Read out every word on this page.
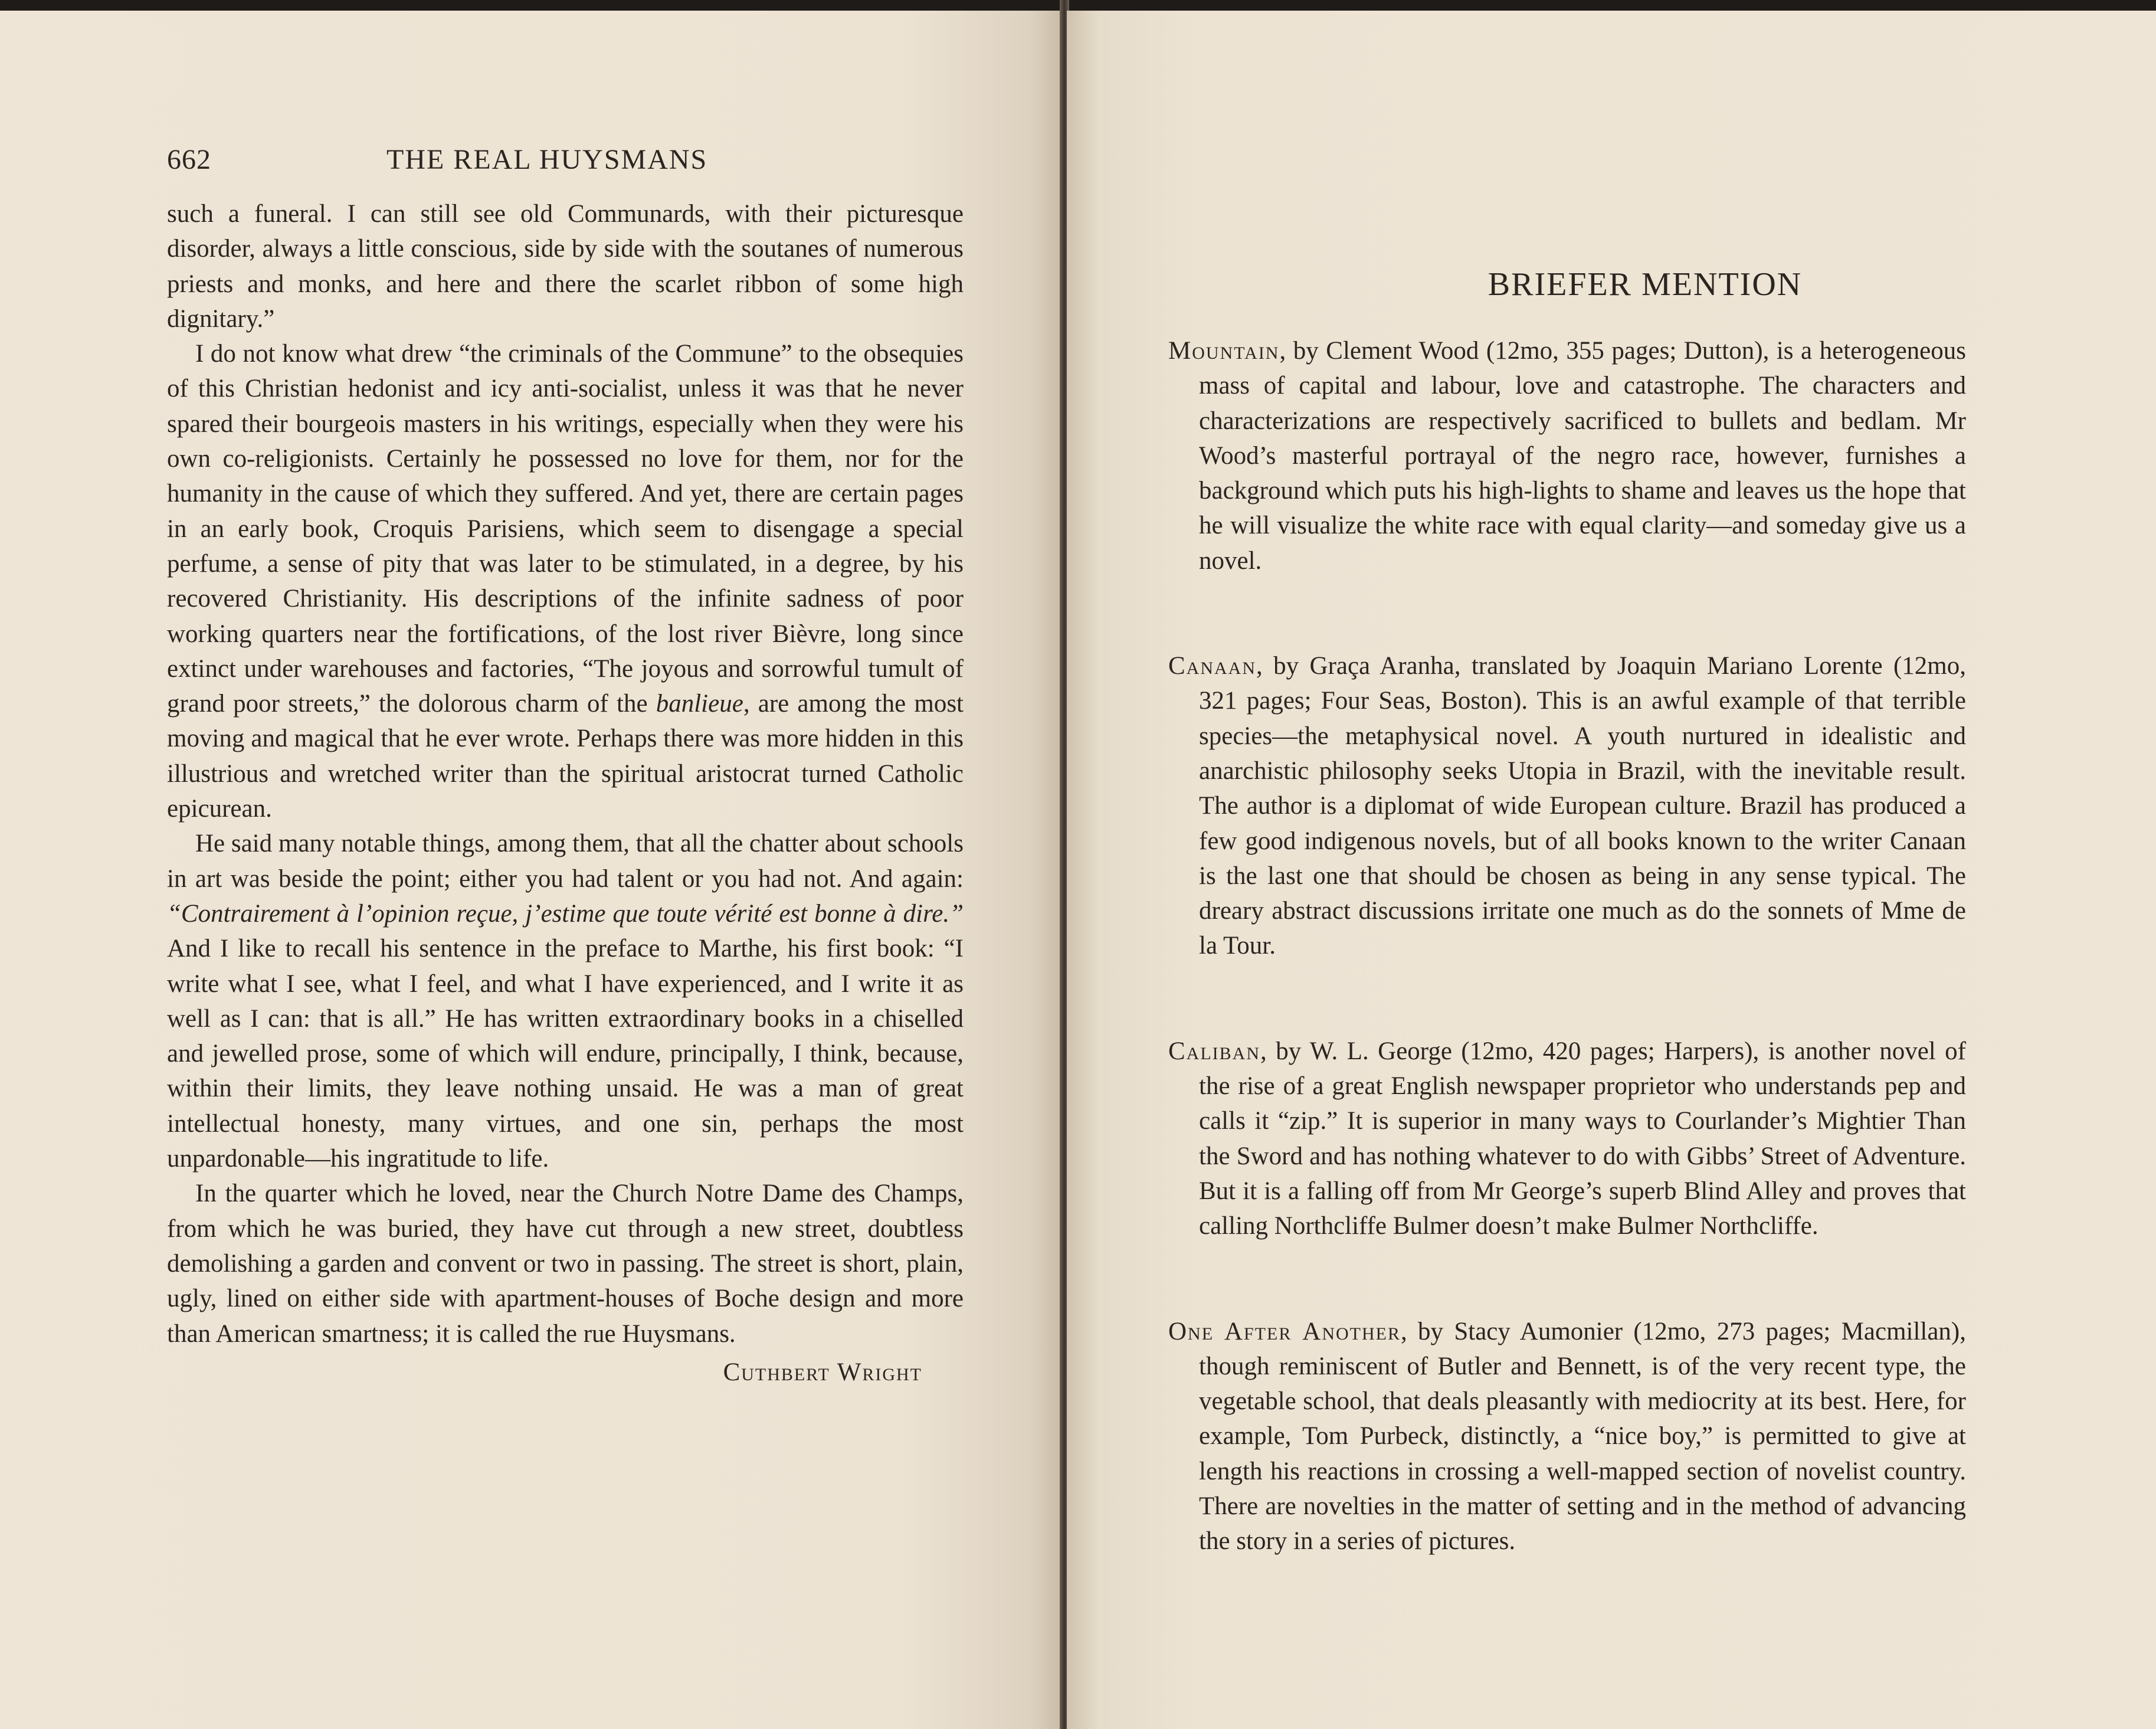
662	THE REAL HUYSMANS

such a funeral. I can still see old Communards, with their picturesque disorder, always a little conscious, side by side with the soutanes of numerous priests and monks, and here and there the scarlet ribbon of some high dignitary.”

I do not know what drew “the criminals of the Commune” to the obsequies of this Christian hedonist and icy anti-socialist, unless it was that he never spared their bourgeois masters in his writings, especially when they were his own co-religionists. Certainly he possessed no love for them, nor for the humanity in the cause of which they suffered. And yet, there are certain pages in an early book, Croquis Parisiens, which seem to disengage a special perfume, a sense of pity that was later to be stimulated, in a degree, by his recovered Christianity. His descriptions of the infinite sadness of poor working quarters near the fortifications, of the lost river Bièvre, long since extinct under warehouses and factories, “The joyous and sorrowful tumult of grand poor streets,” the dolorous charm of the banlieue, are among the most moving and magical that he ever wrote. Perhaps there was more hidden in this illustrious and wretched writer than the spiritual aristocrat turned Catholic epicurean.

He said many notable things, among them, that all the chatter about schools in art was beside the point; either you had talent or you had not. And again: “Contrairement à l’opinion reçue, j’estime que toute vérité est bonne à dire.” And I like to recall his sentence in the preface to Marthe, his first book: “I write what I see, what I feel, and what I have experienced, and I write it as well as I can: that is all.” He has written extraordinary books in a chiselled and jewelled prose, some of which will endure, principally, I think, because, within their limits, they leave nothing unsaid. He was a man of great intellectual honesty, many virtues, and one sin, perhaps the most unpardonable—his ingratitude to life.

In the quarter which he loved, near the Church Notre Dame des Champs, from which he was buried, they have cut through a new street, doubtless demolishing a garden and convent or two in passing. The street is short, plain, ugly, lined on either side with apartment-houses of Boche design and more than American smartness; it is called the rue Huysmans.

Cuthbert Wright
BRIEFER MENTION

Mountain, by Clement Wood (12mo, 355 pages; Dutton), is a heterogeneous mass of capital and labour, love and catastrophe. The characters and characterizations are respectively sacrificed to bullets and bedlam. Mr Wood’s masterful portrayal of the negro race, however, furnishes a background which puts his high-lights to shame and leaves us the hope that he will visualize the white race with equal clarity—and someday give us a novel.

Canaan, by Graça Aranha, translated by Joaquin Mariano Lorente (12mo, 321 pages; Four Seas, Boston). This is an awful example of that terrible species—the metaphysical novel. A youth nurtured in idealistic and anarchistic philosophy seeks Utopia in Brazil, with the inevitable result. The author is a diplomat of wide European culture. Brazil has produced a few good indigenous novels, but of all books known to the writer Canaan is the last one that should be chosen as being in any sense typical. The dreary abstract discussions irritate one much as do the sonnets of Mme de la Tour.

Caliban, by W. L. George (12mo, 420 pages; Harpers), is another novel of the rise of a great English newspaper proprietor who understands pep and calls it “zip.” It is superior in many ways to Courlander’s Mightier Than the Sword and has nothing whatever to do with Gibbs’ Street of Adventure. But it is a falling off from Mr George’s superb Blind Alley and proves that calling Northcliffe Bulmer doesn’t make Bulmer Northcliffe.

One After Another, by Stacy Aumonier (12mo, 273 pages; Macmillan), though reminiscent of Butler and Bennett, is of the very recent type, the vegetable school, that deals pleasantly with mediocrity at its best. Here, for example, Tom Purbeck, distinctly, a “nice boy,” is permitted to give at length his reactions in crossing a well-mapped section of novelist country. There are novelties in the matter of setting and in the method of advancing the story in a series of pictures.
